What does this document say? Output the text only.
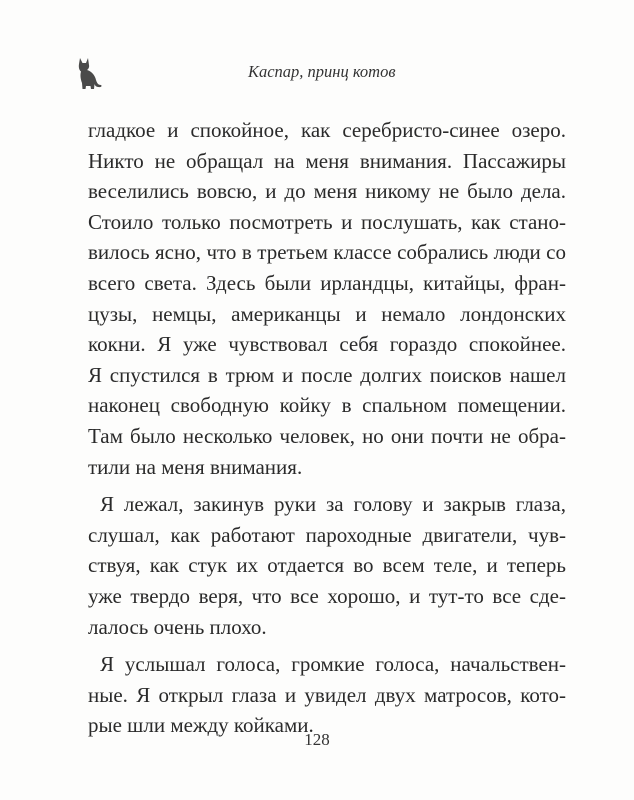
Каспар, принц котов
гладкое и спокойное, как серебристо-синее озеро.
Никто не обращал на меня внимания. Пассажиры
веселились вовсю, и до меня никому не было дела.
Стоило только посмотреть и послушать, как стано-
вилось ясно, что в третьем классе собрались люди со
всего света. Здесь были ирландцы, китайцы, фран-
цузы, немцы, американцы и немало лондонских
кокни. Я уже чувствовал себя гораздо спокойнее.
Я спустился в трюм и после долгих поисков нашел
наконец свободную койку в спальном помещении.
Там было несколько человек, но они почти не обра-
тили на меня внимания.
Я лежал, закинув руки за голову и закрыв глаза,
слушал, как работают пароходные двигатели, чув-
ствуя, как стук их отдается во всем теле, и теперь
уже твердо веря, что все хорошо, и тут-то все сде-
лалось очень плохо.
Я услышал голоса, громкие голоса, начальствен-
ные. Я открыл глаза и увидел двух матросов, кото-
рые шли между койками.
128
